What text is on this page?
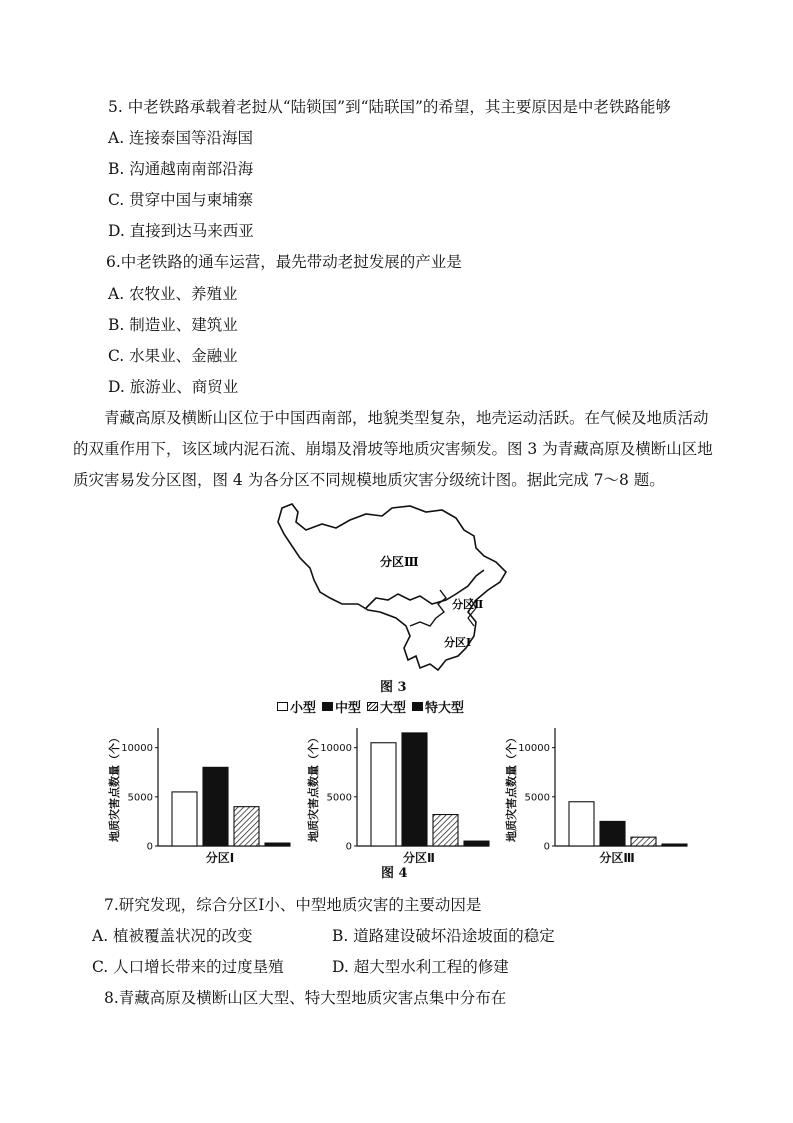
5. 中老铁路承载着老挝从“陆锁国”到“陆联国”的希望，其主要原因是中老铁路能够
A. 连接泰国等沿海国
B. 沟通越南南部沿海
C. 贯穿中国与柬埔寨
D. 直接到达马来西亚
6.中老铁路的通车运营，最先带动老挝发展的产业是
A. 农牧业、养殖业
B. 制造业、建筑业
C. 水果业、金融业
D. 旅游业、商贸业
青藏高原及横断山区位于中国西南部，地貌类型复杂，地壳运动活跃。在气候及地质活动
的双重作用下，该区域内泥石流、崩塌及滑坡等地质灾害频发。图 3 为青藏高原及横断山区地
质灾害易发分区图，图 4 为各分区不同规模地质灾害分级统计图。据此完成 7～8 题。
分区Ⅲ
分区Ⅱ
分区Ⅰ
图 3
小型 中型 大型 特大型
0
5000
10000
地质灾害点数量（个）
分区Ⅰ
0
5000
10000
地质灾害点数量（个）
分区Ⅱ
0
5000
10000
地质灾害点数量（个）
分区Ⅲ
图 4
7.研究发现，综合分区Ⅰ小、中型地质灾害的主要动因是
A. 植被覆盖状况的改变	B. 道路建设破坏沿途坡面的稳定
C. 人口增长带来的过度垦殖	D. 超大型水利工程的修建
8.青藏高原及横断山区大型、特大型地质灾害点集中分布在
